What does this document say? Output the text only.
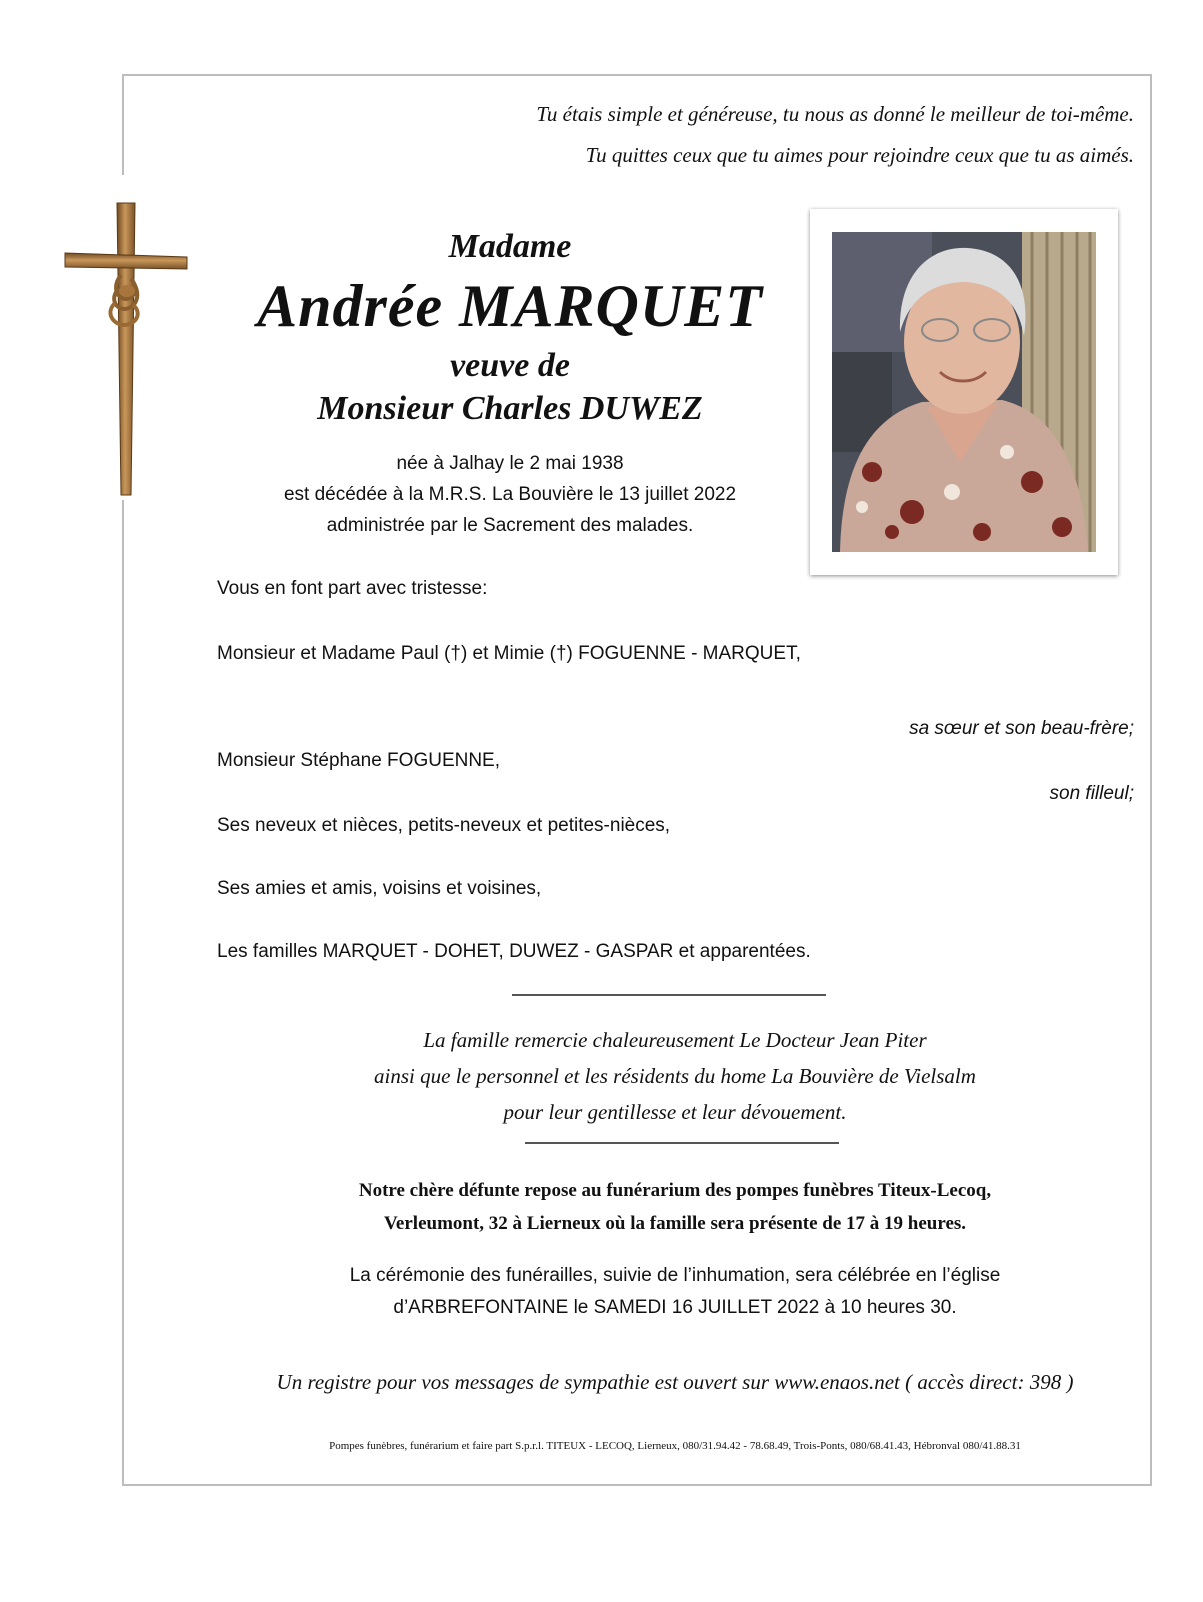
Tu étais simple et généreuse, tu nous as donné le meilleur de toi-même.
Tu quittes ceux que tu aimes pour rejoindre ceux que tu as aimés.
Madame
Andrée MARQUET
veuve de
Monsieur Charles DUWEZ
née à Jalhay le 2 mai 1938
est décédée à la M.R.S. La Bouvière le 13 juillet 2022
administrée par le Sacrement des malades.
Vous en font part avec tristesse:
Monsieur et Madame Paul (†) et Mimie (†) FOGUENNE - MARQUET,
sa sœur et son beau-frère;
Monsieur Stéphane FOGUENNE,
son filleul;
Ses neveux et nièces, petits-neveux et petites-nièces,
Ses amies et amis, voisins et voisines,
Les familles MARQUET - DOHET, DUWEZ - GASPAR et apparentées.
La famille remercie chaleureusement Le Docteur Jean Piter
ainsi que le personnel et les résidents du home La Bouvière de Vielsalm
pour leur gentillesse et leur dévouement.
Notre chère défunte repose au funérarium des pompes funèbres Titeux-Lecoq,
Verleumont, 32 à Lierneux où la famille sera présente de 17 à 19 heures.
La cérémonie des funérailles, suivie de l’inhumation, sera célébrée en l’église
d’ARBREFONTAINE le SAMEDI 16 JUILLET 2022 à 10 heures 30.
Un registre pour vos messages de sympathie est ouvert sur www.enaos.net ( accès direct: 398 )
Pompes funèbres, funérarium et faire part S.p.r.l. TITEUX - LECOQ, Lierneux, 080/31.94.42 - 78.68.49, Trois-Ponts, 080/68.41.43, Hébronval 080/41.88.31
